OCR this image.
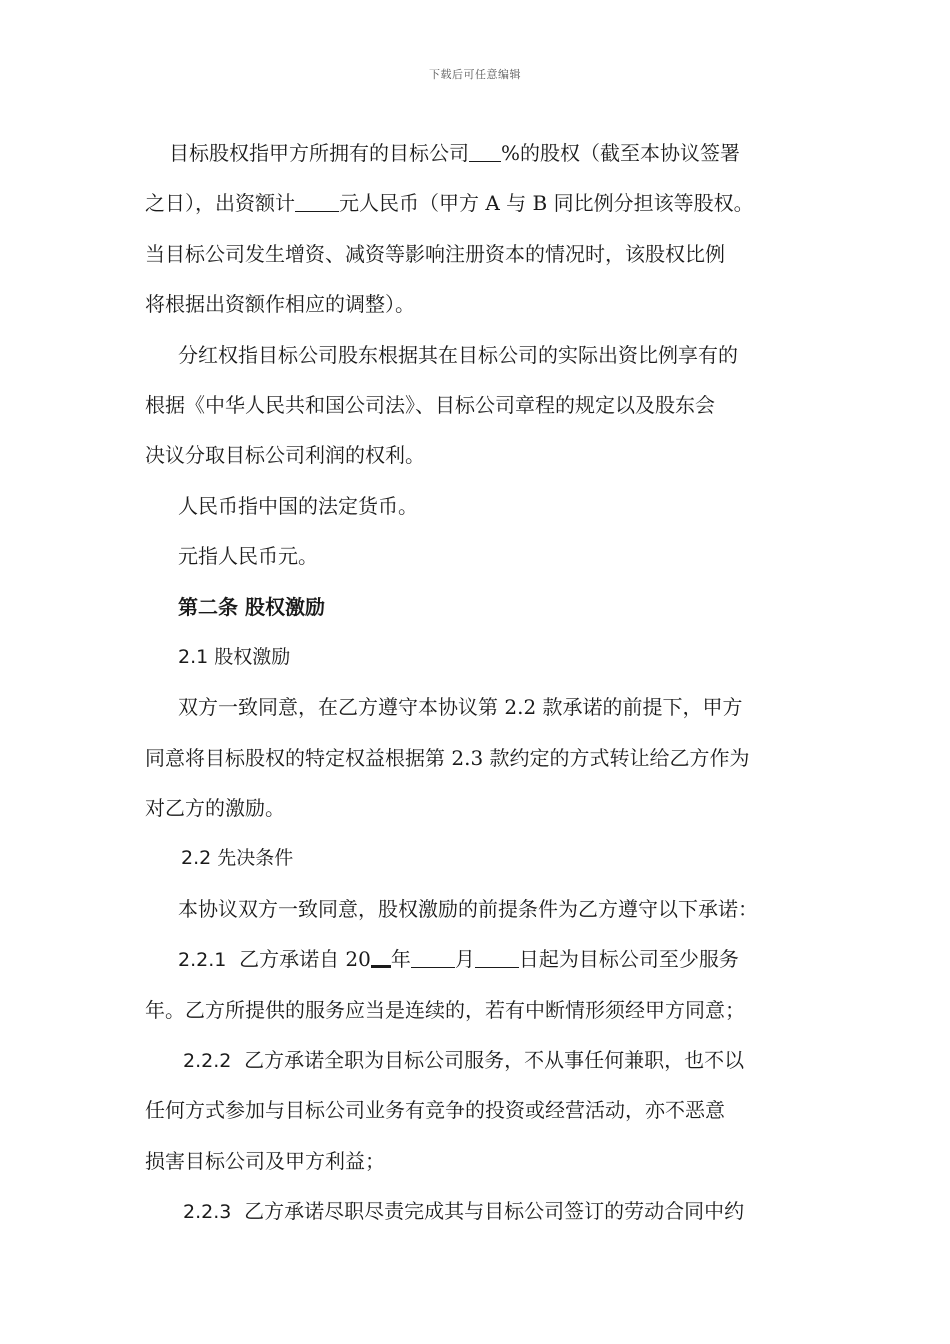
下载后可任意编辑
目标股权指甲方所拥有的目标公司 %的股权（截至本协议签署
之日），出资额计 元人民币（甲方 A 与 B 同比例分担该等股权。
当目标公司发生增资、减资等影响注册资本的情况时，该股权比例
将根据出资额作相应的调整）。
分红权指目标公司股东根据其在目标公司的实际出资比例享有的
根据《中华人民共和国公司法》、目标公司章程的规定以及股东会
决议分取目标公司利润的权利。
人民币指中国的法定货币。
元指人民币元。
第二条 股权激励
2.1 股权激励
双方一致同意，在乙方遵守本协议第 2.2 款承诺的前提下，甲方
同意将目标股权的特定权益根据第 2.3 款约定的方式转让给乙方作为
对乙方的激励。
2.2 先决条件
本协议双方一致同意，股权激励的前提条件为乙方遵守以下承诺：
2.2.1 乙方承诺自 20 年 月 日起为目标公司至少服务
年。乙方所提供的服务应当是连续的，若有中断情形须经甲方同意；
2.2.2 乙方承诺全职为目标公司服务，不从事任何兼职，也不以
任何方式参加与目标公司业务有竞争的投资或经营活动，亦不恶意
损害目标公司及甲方利益；
2.2.3 乙方承诺尽职尽责完成其与目标公司签订的劳动合同中约
